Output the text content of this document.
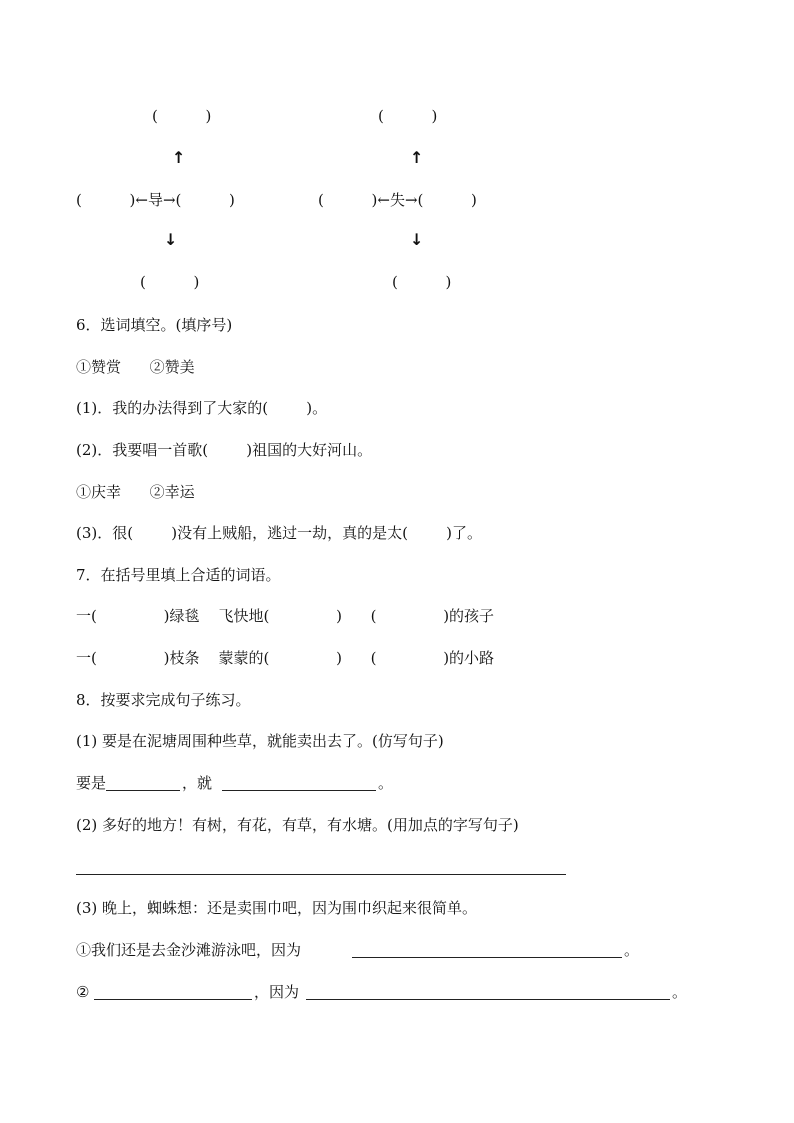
(          )
↑
(          )←导→(          )
↓
(          )
(          )
↑
(          )←失→(          )
↓
(          )
6．选词填空。(填序号)
①赞赏      ②赞美
(1)．我的办法得到了大家的(        )。
(2)．我要唱一首歌(        )祖国的大好河山。
①庆幸      ②幸运
(3)．很(        )没有上贼船，逃过一劫，真的是太(        )了。
7．在括号里填上合适的词语。
一(              )绿毯    飞快地(              )      (              )的孩子
一(              )枝条    蒙蒙的(              )      (              )的小路
8．按要求完成句子练习。
(1) 要是在泥塘周围种些草，就能卖出去了。(仿写句子)
要是	，就	。
(2) 多好的地方！有树，有花，有草，有水塘。(用加点的字写句子)
(3) 晚上，蜘蛛想：还是卖围巾吧，因为围巾织起来很简单。
①我们还是去金沙滩游泳吧，因为	。
②	，因为	。
